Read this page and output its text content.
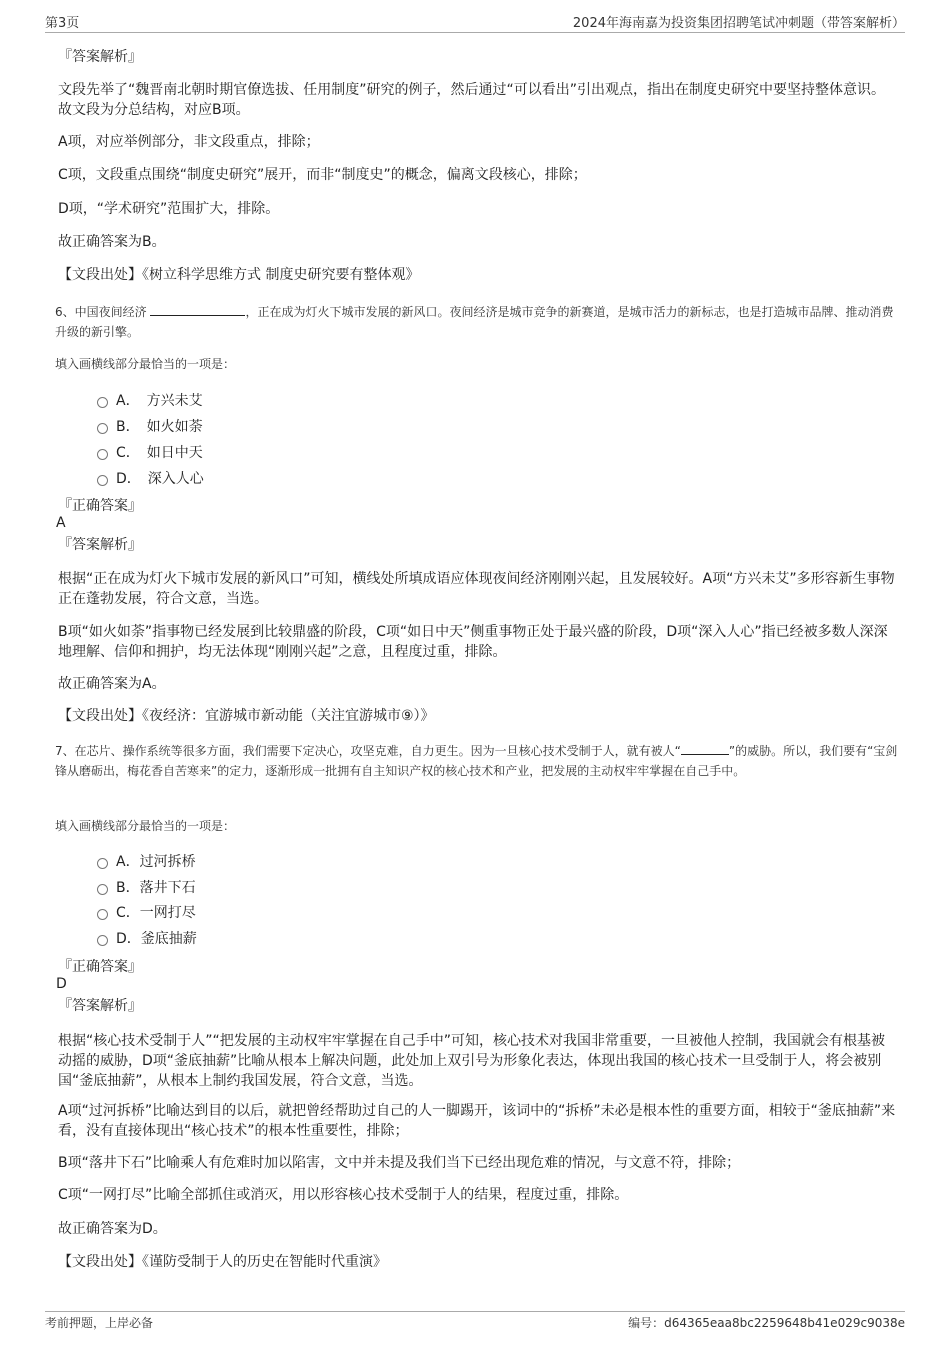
第3页	2024年海南嘉为投资集团招聘笔试冲刺题（带答案解析）
『答案解析』
文段先举了“魏晋南北朝时期官僚选拔、任用制度”研究的例子，然后通过“可以看出”引出观点，指出在制度史研究中要坚持整体意识。故文段为分总结构，对应B项。
A项，对应举例部分，非文段重点，排除；
C项，文段重点围绕“制度史研究”展开，而非“制度史”的概念，偏离文段核心，排除；
D项，“学术研究”范围扩大，排除。
故正确答案为B。
【文段出处】《树立科学思维方式 制度史研究要有整体观》
6、中国夜间经济	，正在成为灯火下城市发展的新风口。夜间经济是城市竞争的新赛道，是城市活力的新标志，也是打造城市品牌、推动消费升级的新引擎。
填入画横线部分最恰当的一项是：
A．　方兴未艾
B．　如火如荼
C．　如日中天
D．　深入人心
『正确答案』
A
『答案解析』
根据“正在成为灯火下城市发展的新风口”可知，横线处所填成语应体现夜间经济刚刚兴起，且发展较好。A项“方兴未艾”多形容新生事物正在蓬勃发展，符合文意，当选。
B项“如火如荼”指事物已经发展到比较鼎盛的阶段，C项“如日中天”侧重事物正处于最兴盛的阶段，D项“深入人心”指已经被多数人深深地理解、信仰和拥护，均无法体现“刚刚兴起”之意，且程度过重，排除。
故正确答案为A。
【文段出处】《夜经济：宜游城市新动能（关注宜游城市⑨）》
7、在芯片、操作系统等很多方面，我们需要下定决心，攻坚克难，自力更生。因为一旦核心技术受制于人，就有被人“	”的威胁。所以，我们要有“宝剑锋从磨砺出，梅花香自苦寒来”的定力，逐渐形成一批拥有自主知识产权的核心技术和产业，把发展的主动权牢牢掌握在自己手中。
填入画横线部分最恰当的一项是：
A．过河拆桥
B．落井下石
C．一网打尽
D．釜底抽薪
『正确答案』
D
『答案解析』
根据“核心技术受制于人”“把发展的主动权牢牢掌握在自己手中”可知，核心技术对我国非常重要，一旦被他人控制，我国就会有根基被动摇的威胁，D项“釜底抽薪”比喻从根本上解决问题，此处加上双引号为形象化表达，体现出我国的核心技术一旦受制于人，将会被别国“釜底抽薪”，从根本上制约我国发展，符合文意，当选。
A项“过河拆桥”比喻达到目的以后，就把曾经帮助过自己的人一脚踢开，该词中的“拆桥”未必是根本性的重要方面，相较于“釜底抽薪”来看，没有直接体现出“核心技术”的根本性重要性，排除；
B项“落井下石”比喻乘人有危难时加以陷害，文中并未提及我们当下已经出现危难的情况，与文意不符，排除；
C项“一网打尽”比喻全部抓住或消灭，用以形容核心技术受制于人的结果，程度过重，排除。
故正确答案为D。
【文段出处】《谨防受制于人的历史在智能时代重演》
考前押题，上岸必备	编号：d64365eaa8bc2259648b41e029c9038e
